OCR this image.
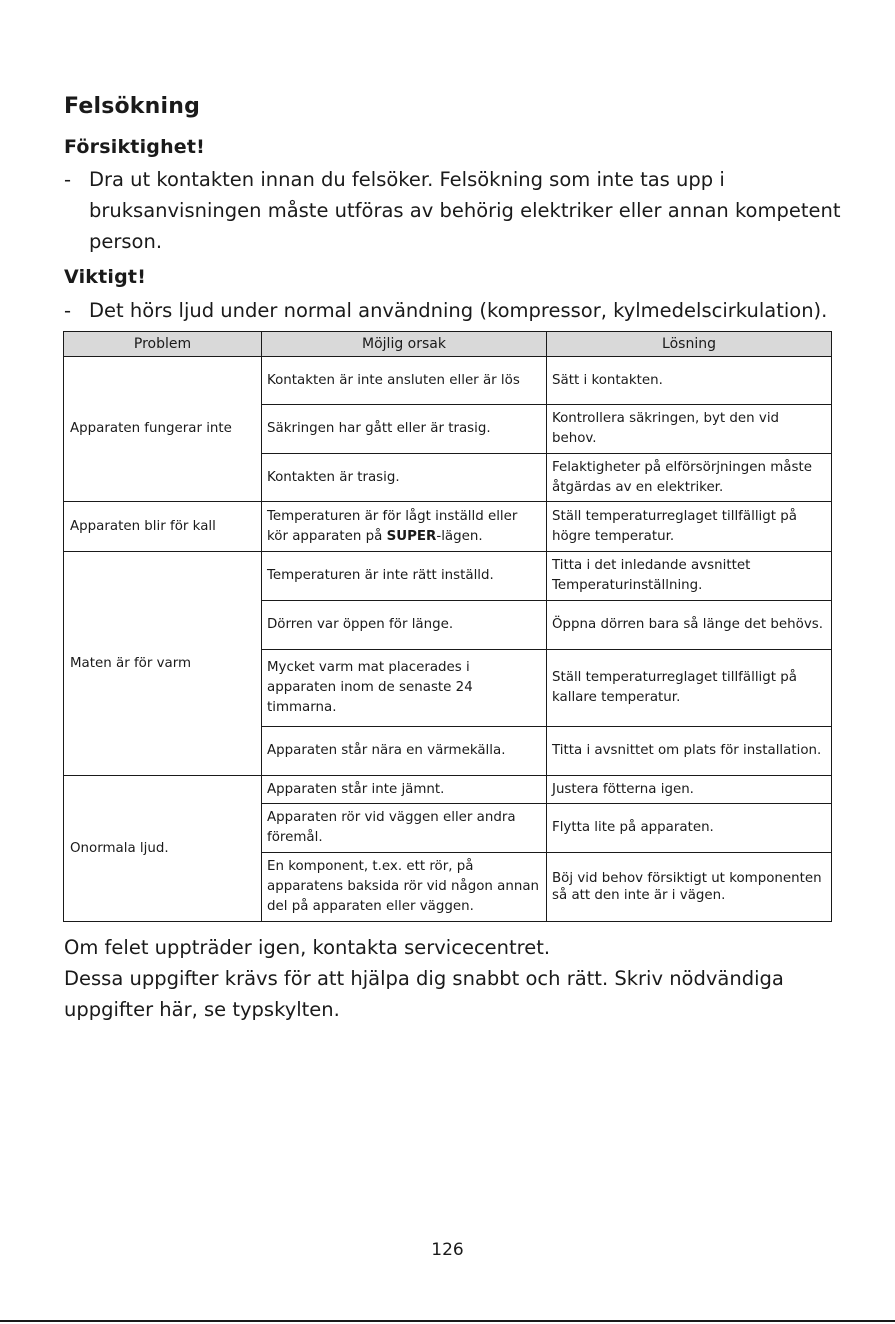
Felsökning
Försiktighet!
- Dra ut kontakten innan du felsöker. Felsökning som inte tas upp i bruksanvisningen måste utföras av behörig elektriker eller annan kompetent person.
Viktigt!
- Det hörs ljud under normal användning (kompressor, kylmedelscirkulation).
Problem	Möjlig orsak	Lösning
Apparaten fungerar inte	Kontakten är inte ansluten eller är lös	Sätt i kontakten.
	Säkringen har gått eller är trasig.	Kontrollera säkringen, byt den vid behov.
	Kontakten är trasig.	Felaktigheter på elförsörjningen måste åtgärdas av en elektriker.
Apparaten blir för kall	Temperaturen är för lågt inställd eller kör apparaten på SUPER-lägen.	Ställ temperaturreglaget tillfälligt på högre temperatur.
Maten är för varm	Temperaturen är inte rätt inställd.	Titta i det inledande avsnittet Temperaturinställning.
	Dörren var öppen för länge.	Öppna dörren bara så länge det behövs.
	Mycket varm mat placerades i apparaten inom de senaste 24 timmarna.	Ställ temperaturreglaget tillfälligt på kallare temperatur.
	Apparaten står nära en värmekälla.	Titta i avsnittet om plats för installation.
Onormala ljud.	Apparaten står inte jämnt.	Justera fötterna igen.
	Apparaten rör vid väggen eller andra föremål.	Flytta lite på apparaten.
	En komponent, t.ex. ett rör, på apparatens baksida rör vid någon annan del på apparaten eller väggen.	Böj vid behov försiktigt ut komponenten så att den inte är i vägen.

Om felet uppträder igen, kontakta servicecentret.

Dessa uppgifter krävs för att hjälpa dig snabbt och rätt. Skriv nödvändiga uppgifter här, se typskylten.

126
